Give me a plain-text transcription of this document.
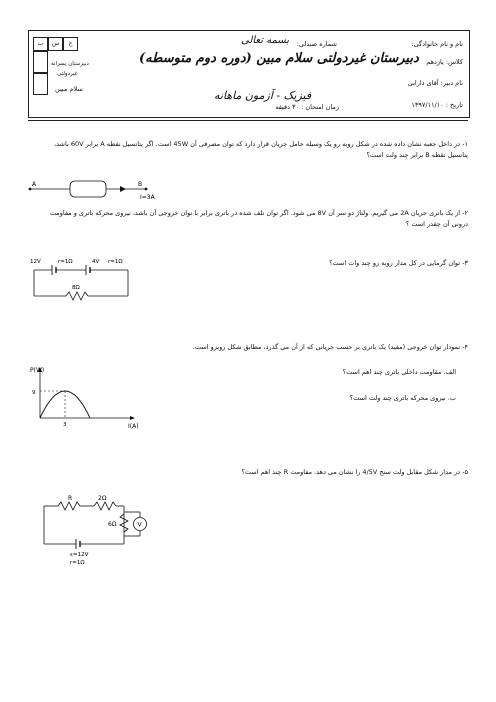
ب	س	ح
دبیرستان پسرانه
غیردولتی
سلام مبین
شماره صندلی:
بسمه تعالی
دبیرستان غیردولتی سلام مبین (دوره دوم متوسطه)
فیزیک - آزمون ماهانه
زمان امتحان : ۳۰ دقیقه
نام و نام خانوادگی:
کلاس: یازدهم
نام دبیر: آقای دارابی
تاریخ : ۱۳۹۷/۱۱/۱۰
۱- در داخل جعبه نشان داده شده در شکل روبه رو یک وسیله حامل جریان قرار دارد که توان مصرفی آن 45W است. اگر پتانسیل نقطه A برابر 60V باشد، پتانسیل نقطه B برابر چند ولت است؟
A	B
I=3A
۲- از یک باتری جریان 2A می گیریم. ولتاژ دو سر آن 8V می شود. اگر توان تلف شده در باتری برابر با توان خروجی آن باشد، نیروی محرکه باتری و مقاومت درونی آن چقدر است ؟
۳- توان گرمایی در کل مدار روبه رو چند وات است؟
12V	r=1Ω	4V r=1Ω
8Ω
۴- نمودار توان خروجی (مفید) یک باتری بر حسب جریانی که از آن می گذرد، مطابق شکل روبرو است.
الف. مقاومت داخلی باتری چند اهم است؟
ب. نیروی محرکه باتری چند ولت است؟
P(W)
I(A)
9
3
۵- در مدار شکل مقابل ولت سنج 4/5V را نشان می دهد. مقاومت R چند اهم است؟
V
R	2Ω
6Ω
ε=12V
r=1Ω
